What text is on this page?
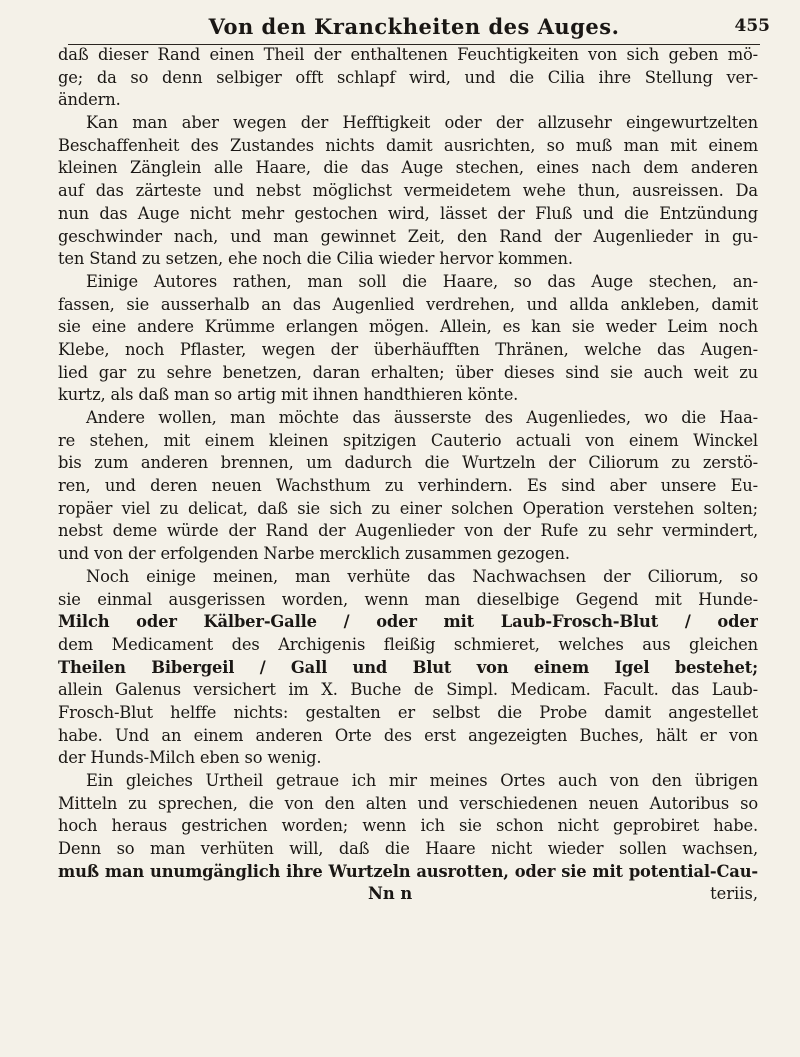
Von den Kranckheiten des Auges.	455
daß dieser Rand einen Theil der enthaltenen Feuchtigkeiten von sich geben mö-
ge; da so denn selbiger offt schlapf wird, und die Cilia ihre Stellung ver-
ändern.
Kan man aber wegen der Hefftigkeit oder der allzusehr eingewurtzelten
Beschaffenheit des Zustandes nichts damit ausrichten, so muß man mit einem
kleinen Zänglein alle Haare, die das Auge stechen, eines nach dem anderen
auf das zärteste und nebst möglichst vermeidetem wehe thun, ausreissen. Da
nun das Auge nicht mehr gestochen wird, lässet der Fluß und die Entzündung
geschwinder nach, und man gewinnet Zeit, den Rand der Augenlieder in gu-
ten Stand zu setzen, ehe noch die Cilia wieder hervor kommen.
Einige Autores rathen, man soll die Haare, so das Auge stechen, an-
fassen, sie ausserhalb an das Augenlied verdrehen, und allda ankleben, damit
sie eine andere Krümme erlangen mögen. Allein, es kan sie weder Leim noch
Klebe, noch Pflaster, wegen der überhäufften Thränen, welche das Augen-
lied gar zu sehre benetzen, daran erhalten; über dieses sind sie auch weit zu
kurtz, als daß man so artig mit ihnen handthieren könte.
Andere wollen, man möchte das äusserste des Augenliedes, wo die Haa-
re stehen, mit einem kleinen spitzigen Cauterio actuali von einem Winckel
bis zum anderen brennen, um dadurch die Wurtzeln der Ciliorum zu zerstö-
ren, und deren neuen Wachsthum zu verhindern. Es sind aber unsere Eu-
ropäer viel zu delicat, daß sie sich zu einer solchen Operation verstehen solten;
nebst deme würde der Rand der Augenlieder von der Rufe zu sehr vermindert,
und von der erfolgenden Narbe mercklich zusammen gezogen.
Noch einige meinen, man verhüte das Nachwachsen der Ciliorum, so
sie einmal ausgerissen worden, wenn man dieselbige Gegend mit Hunde-
Milch oder Kälber-Galle / oder mit Laub-Frosch-Blut / oder
dem Medicament des Archigenis fleißig schmieret, welches aus gleichen
Theilen Bibergeil / Gall und Blut von einem Igel bestehet;
allein Galenus versichert im X. Buche de Simpl. Medicam. Facult. das Laub-
Frosch-Blut helffe nichts: gestalten er selbst die Probe damit angestellet
habe. Und an einem anderen Orte des erst angezeigten Buches, hält er von
der Hunds-Milch eben so wenig.
Ein gleiches Urtheil getraue ich mir meines Ortes auch von den übrigen
Mitteln zu sprechen, die von den alten und verschiedenen neuen Autoribus so
hoch heraus gestrichen worden; wenn ich sie schon nicht geprobiret habe.
Denn so man verhüten will, daß die Haare nicht wieder sollen wachsen,
muß man unumgänglich ihre Wurtzeln ausrotten, oder sie mit potential-Cau-
Nn n	teriis,
